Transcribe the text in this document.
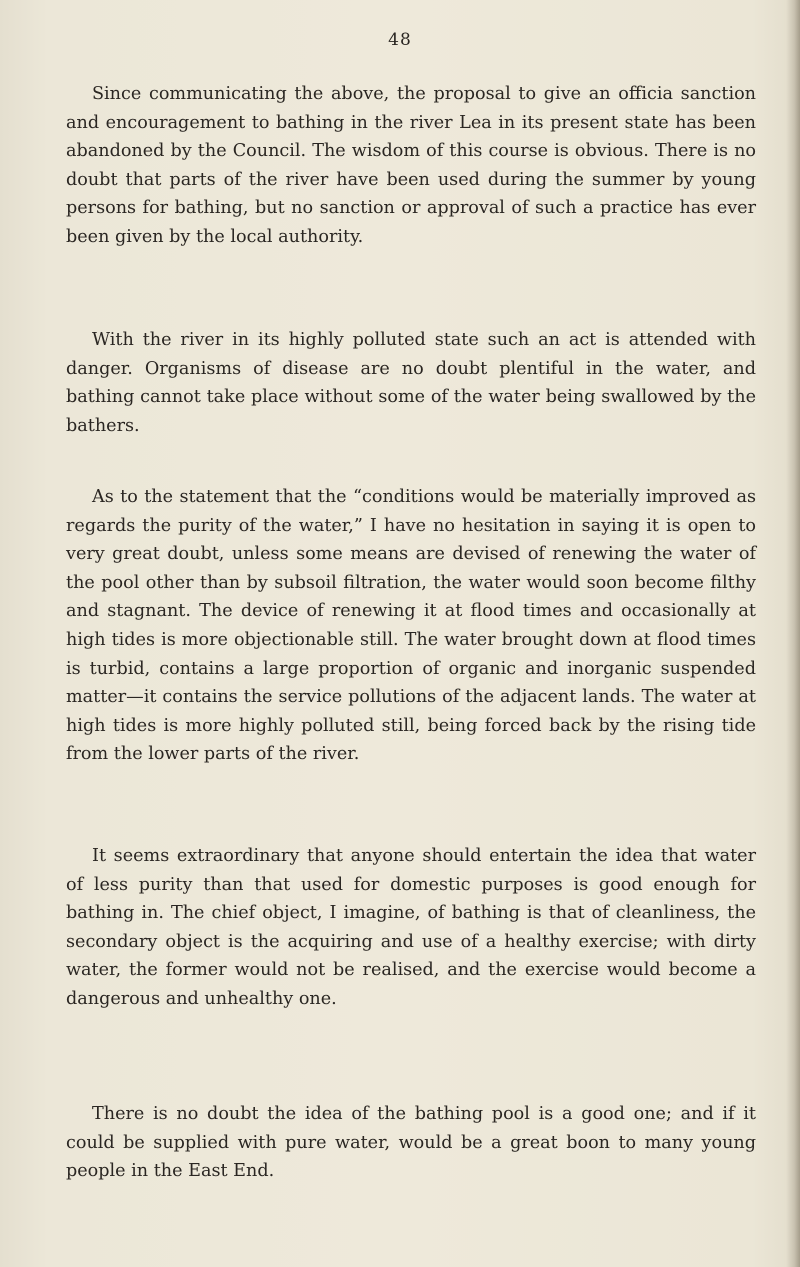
48

Since communicating the above, the proposal to give an officia sanction and encouragement to bathing in the river Lea in its present state has been abandoned by the Council. The wisdom of this course is obvious. There is no doubt that parts of the river have been used during the summer by young persons for bathing, but no sanction or approval of such a practice has ever been given by the local authority.

With the river in its highly polluted state such an act is attended with danger. Organisms of disease are no doubt plentiful in the water, and bathing cannot take place without some of the water being swallowed by the bathers.

As to the statement that the “conditions would be materially improved as regards the purity of the water,” I have no hesitation in saying it is open to very great doubt, unless some means are devised of renewing the water of the pool other than by subsoil filtration, the water would soon become filthy and stagnant. The device of renewing it at flood times and occasionally at high tides is more objectionable still. The water brought down at flood times is turbid, contains a large proportion of organic and inorganic suspended matter—it contains the service pollutions of the adjacent lands. The water at high tides is more highly polluted still, being forced back by the rising tide from the lower parts of the river.

It seems extraordinary that anyone should entertain the idea that water of less purity than that used for domestic purposes is good enough for bathing in. The chief object, I imagine, of bathing is that of cleanliness, the secondary object is the acquiring and use of a healthy exercise; with dirty water, the former would not be realised, and the exercise would become a dangerous and unhealthy one.

There is no doubt the idea of the bathing pool is a good one; and if it could be supplied with pure water, would be a great boon to many young people in the East End.
